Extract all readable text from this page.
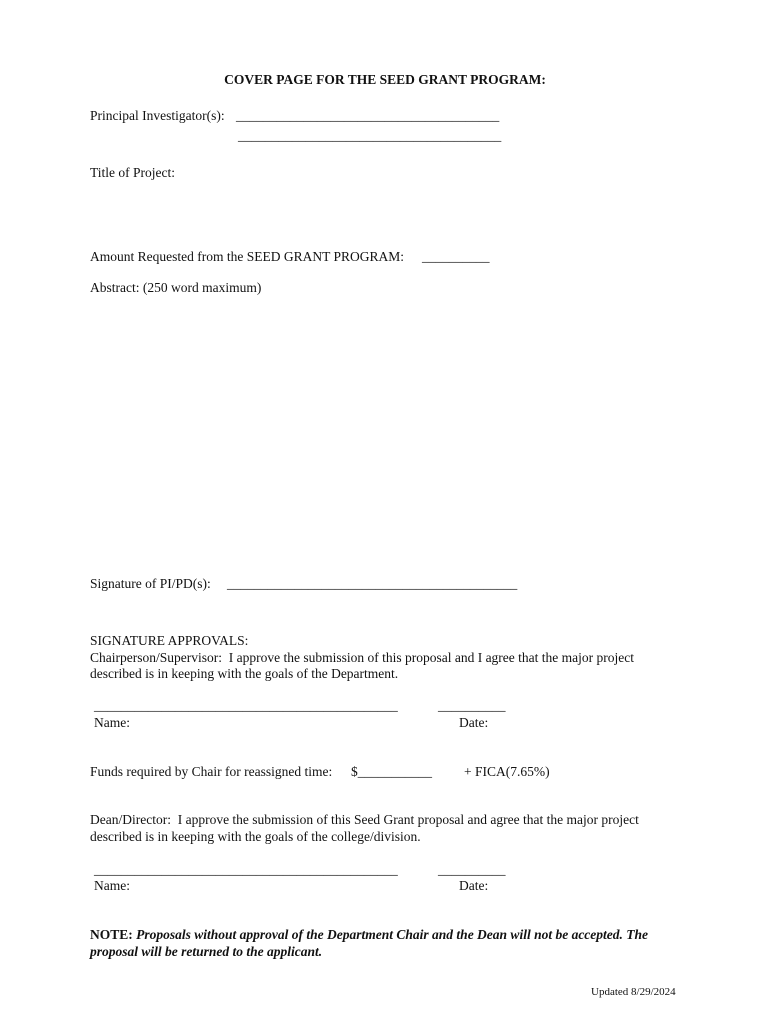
COVER PAGE FOR THE SEED GRANT PROGRAM:
Principal Investigator(s): _______________________________________
_______________________________________
Title of Project:
Amount Requested from the SEED GRANT PROGRAM: __________
Abstract: (250 word maximum)
Signature of PI/PD(s): ___________________________________________
SIGNATURE APPROVALS:
Chairperson/Supervisor:  I approve the submission of this proposal and I agree that the major project
described is in keeping with the goals of the Department.
_____________________________________________	__________
Name:	Date:
Funds required by Chair for reassigned time: $___________ + FICA(7.65%)
Dean/Director:  I approve the submission of this Seed Grant proposal and agree that the major project
described is in keeping with the goals of the college/division.
_____________________________________________	__________
Name:	Date:
NOTE: Proposals without approval of the Department Chair and the Dean will not be accepted. The
proposal will be returned to the applicant.
Updated 8/29/2024
